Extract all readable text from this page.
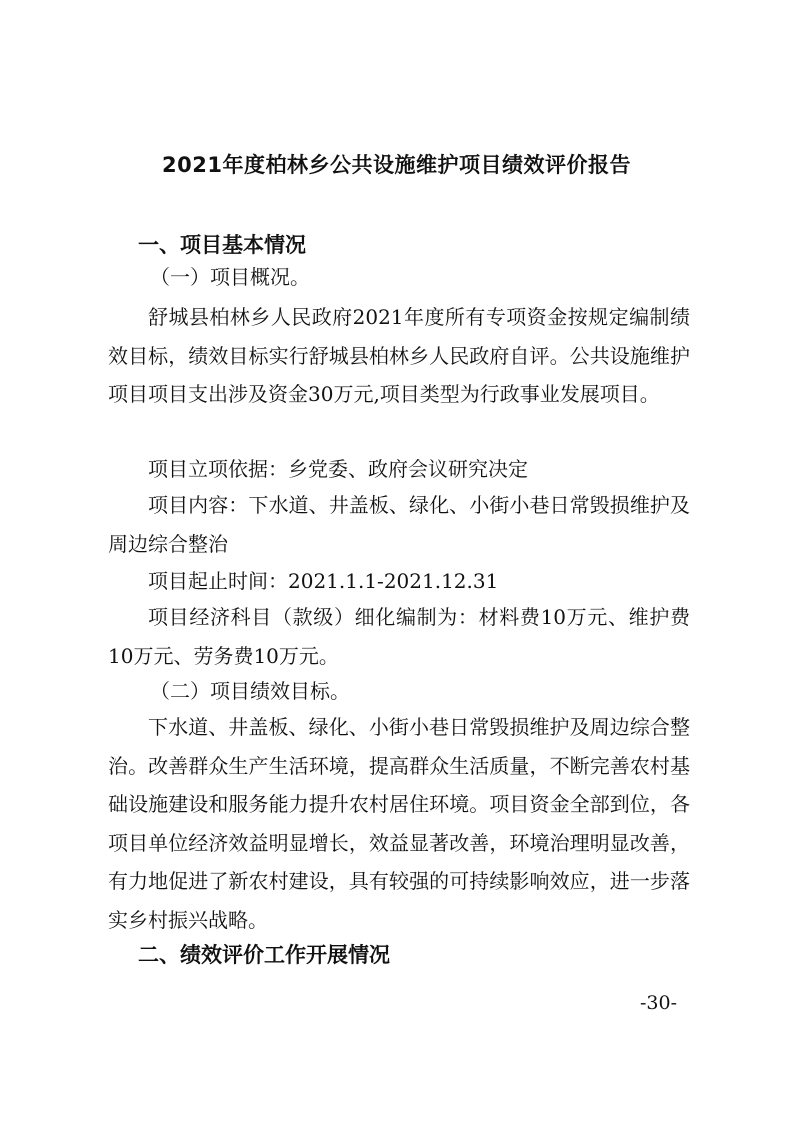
2021年度柏林乡公共设施维护项目绩效评价报告
一、项目基本情况
（一）项目概况。

舒城县柏林乡人民政府2021年度所有专项资金按规定编制绩效目标，绩效目标实行舒城县柏林乡人民政府自评。公共设施维护项目项目支出涉及资金30万元,项目类型为行政事业发展项目。

项目立项依据：乡党委、政府会议研究决定

项目内容：下水道、井盖板、绿化、小街小巷日常毁损维护及周边综合整治

项目起止时间：2021.1.1-2021.12.31

项目经济科目（款级）细化编制为：材料费10万元、维护费10万元、劳务费10万元。

（二）项目绩效目标。

下水道、井盖板、绿化、小街小巷日常毁损维护及周边综合整治。改善群众生产生活环境，提高群众生活质量，不断完善农村基础设施建设和服务能力提升农村居住环境。项目资金全部到位，各项目单位经济效益明显增长，效益显著改善，环境治理明显改善，有力地促进了新农村建设，具有较强的可持续影响效应，进一步落实乡村振兴战略。

二、绩效评价工作开展情况
-30-
